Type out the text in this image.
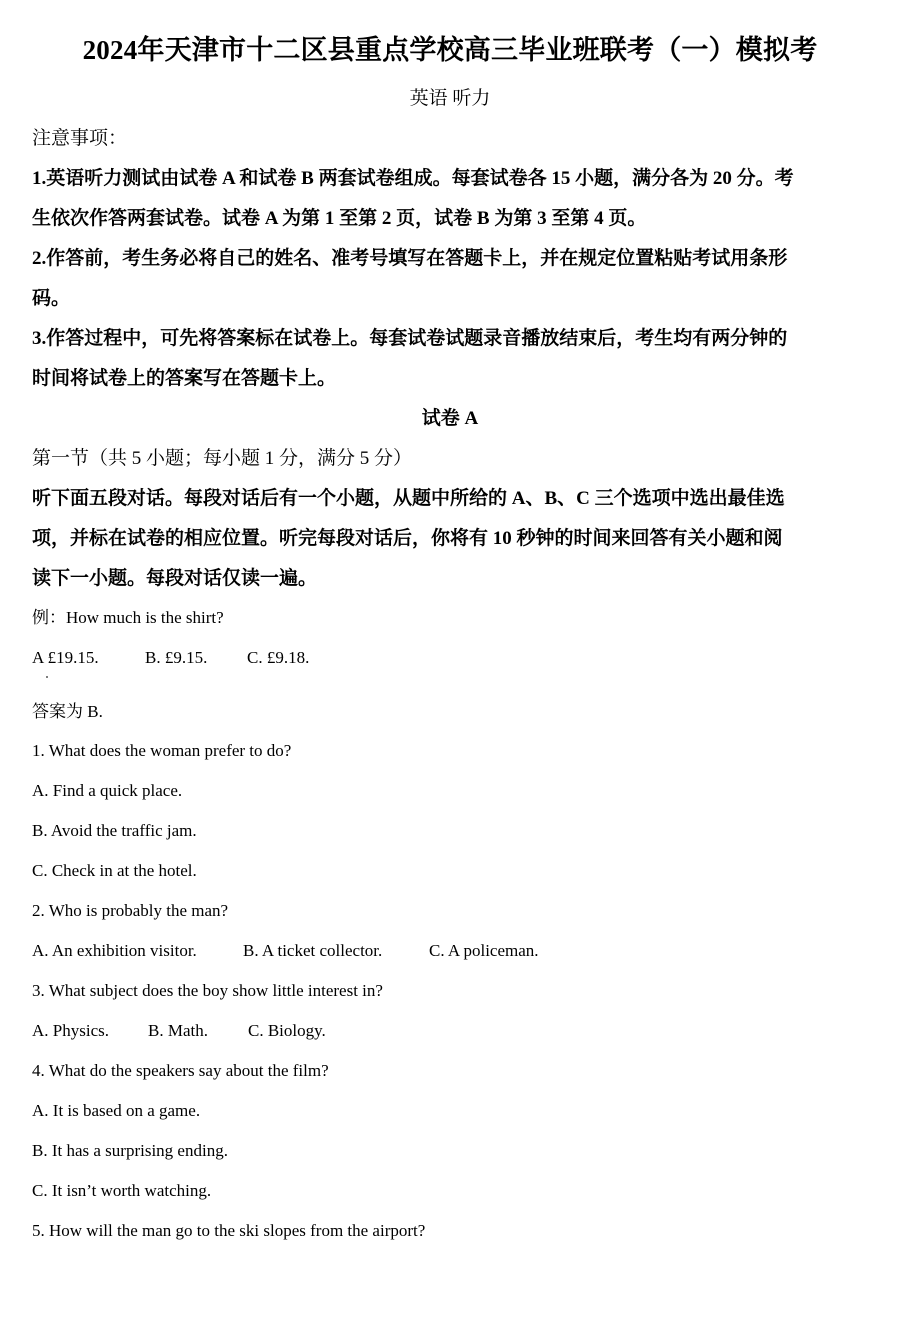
2024年天津市十二区县重点学校高三毕业班联考（一）模拟考
英语 听力
注意事项：
1.英语听力测试由试卷 A 和试卷 B 两套试卷组成。每套试卷各 15 小题，满分各为 20 分。考
生依次作答两套试卷。试卷 A 为第 1 至第 2 页，试卷 B 为第 3 至第 4 页。
2.作答前，考生务必将自己的姓名、准考号填写在答题卡上，并在规定位置粘贴考试用条形
码。
3.作答过程中，可先将答案标在试卷上。每套试卷试题录音播放结束后，考生均有两分钟的
时间将试卷上的答案写在答题卡上。
试卷 A
第一节（共 5 小题；每小题 1 分，满分 5 分）
听下面五段对话。每段对话后有一个小题，从题中所给的 A、B、C 三个选项中选出最佳选
项，并标在试卷的相应位置。听完每段对话后，你将有 10 秒钟的时间来回答有关小题和阅
读下一小题。每段对话仅读一遍。
例：How much is the shirt?
A £19.15.	B. £9.15. C. £9.18.
答案为 B.
1. What does the woman prefer to do?
A. Find a quick place.
B. Avoid the traffic jam.
C. Check in at the hotel.
2. Who is probably the man?
A. An exhibition visitor.	B. A ticket collector.	C. A policeman.
3. What subject does the boy show little interest in?
A. Physics. B. Math. C. Biology.
4. What do the speakers say about the film?
A. It is based on a game.
B. It has a surprising ending.
C. It isn’t worth watching.
5. How will the man go to the ski slopes from the airport?
